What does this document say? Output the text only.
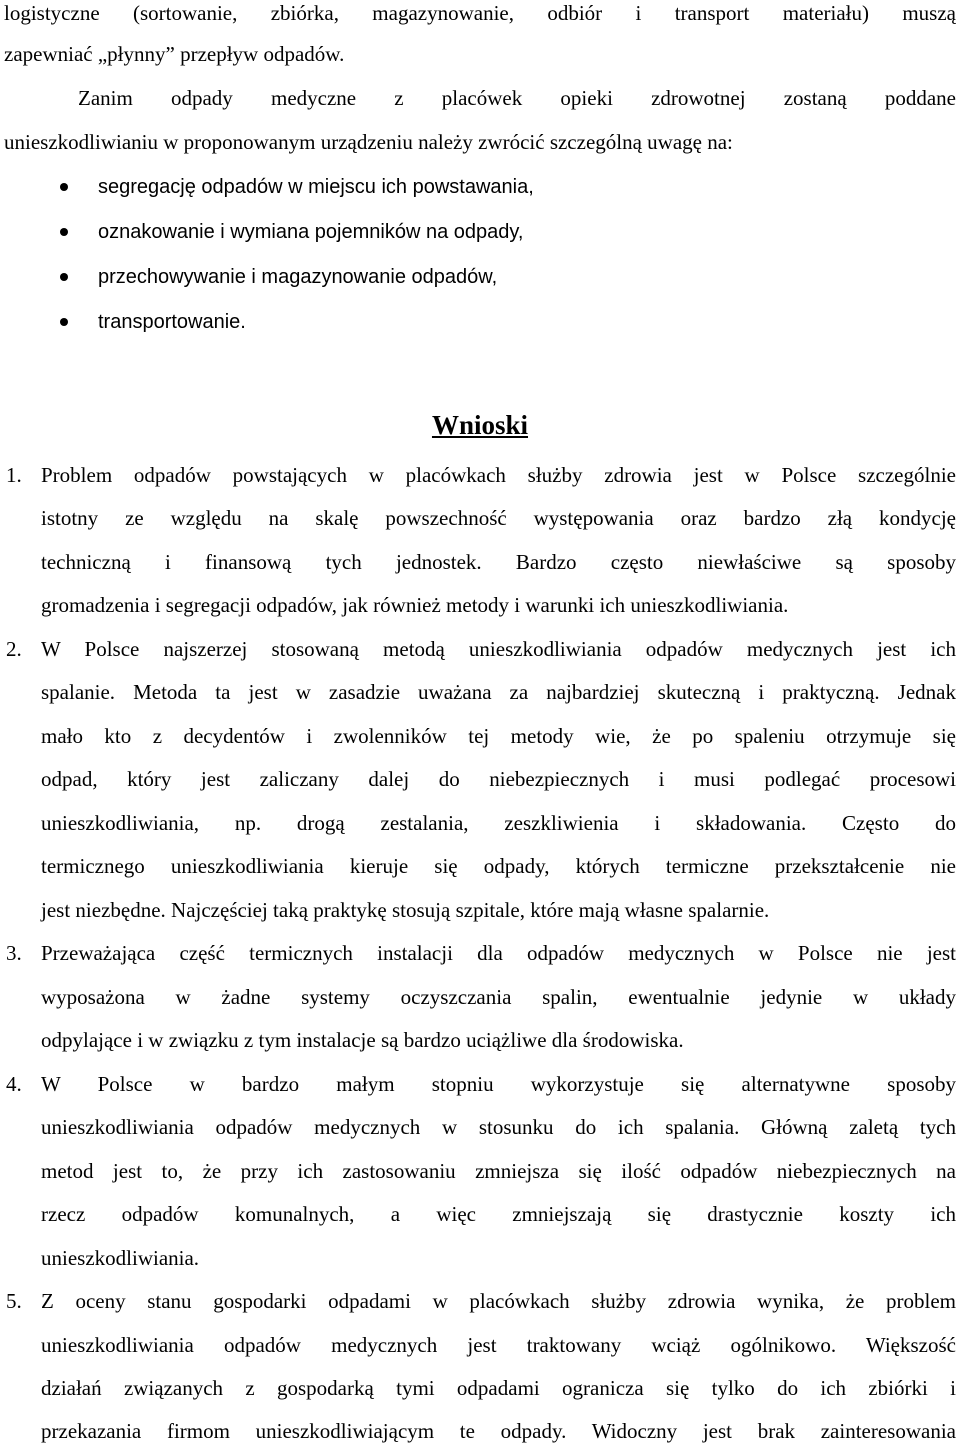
logistyczne (sortowanie, zbiórka, magazynowanie, odbiór i transport materiału) muszą
zapewniać „płynny” przepływ odpadów.
Zanim odpady medyczne z placówek opieki zdrowotnej zostaną poddane
unieszkodliwianiu w proponowanym urządzeniu należy zwrócić szczególną uwagę na:
segregację odpadów w miejscu ich powstawania,
oznakowanie i wymiana pojemników na odpady,
przechowywanie i magazynowanie odpadów,
transportowanie.
Wnioski
1. Problem odpadów powstających w placówkach służby zdrowia jest w Polsce szczególnie
istotny ze względu na skalę powszechność występowania oraz bardzo złą kondycję
techniczną i finansową tych jednostek. Bardzo często niewłaściwe są sposoby
gromadzenia i segregacji odpadów, jak również metody i warunki ich unieszkodliwiania.
2. W Polsce najszerzej stosowaną metodą unieszkodliwiania odpadów medycznych jest ich
spalanie. Metoda ta jest w zasadzie uważana za najbardziej skuteczną i praktyczną. Jednak
mało kto z decydentów i zwolenników tej metody wie, że po spaleniu otrzymuje się
odpad, który jest zaliczany dalej do niebezpiecznych i musi podlegać procesowi
unieszkodliwiania, np. drogą zestalania, zeszkliwienia i składowania. Często do
termicznego unieszkodliwiania kieruje się odpady, których termiczne przekształcenie nie
jest niezbędne. Najczęściej taką praktykę stosują szpitale, które mają własne spalarnie.
3. Przeważająca część termicznych instalacji dla odpadów medycznych w Polsce nie jest
wyposażona w żadne systemy oczyszczania spalin, ewentualnie jedynie w układy
odpylające i w związku z tym instalacje są bardzo uciążliwe dla środowiska.
4. W Polsce w bardzo małym stopniu wykorzystuje się alternatywne sposoby
unieszkodliwiania odpadów medycznych w stosunku do ich spalania. Główną zaletą tych
metod jest to, że przy ich zastosowaniu zmniejsza się ilość odpadów niebezpiecznych na
rzecz odpadów komunalnych, a więc zmniejszają się drastycznie koszty ich
unieszkodliwiania.
5. Z oceny stanu gospodarki odpadami w placówkach służby zdrowia wynika, że problem
unieszkodliwiania odpadów medycznych jest traktowany wciąż ogólnikowo. Większość
działań związanych z gospodarką tymi odpadami ogranicza się tylko do ich zbiórki i
przekazania firmom unieszkodliwiającym te odpady. Widoczny jest brak zainteresowania
